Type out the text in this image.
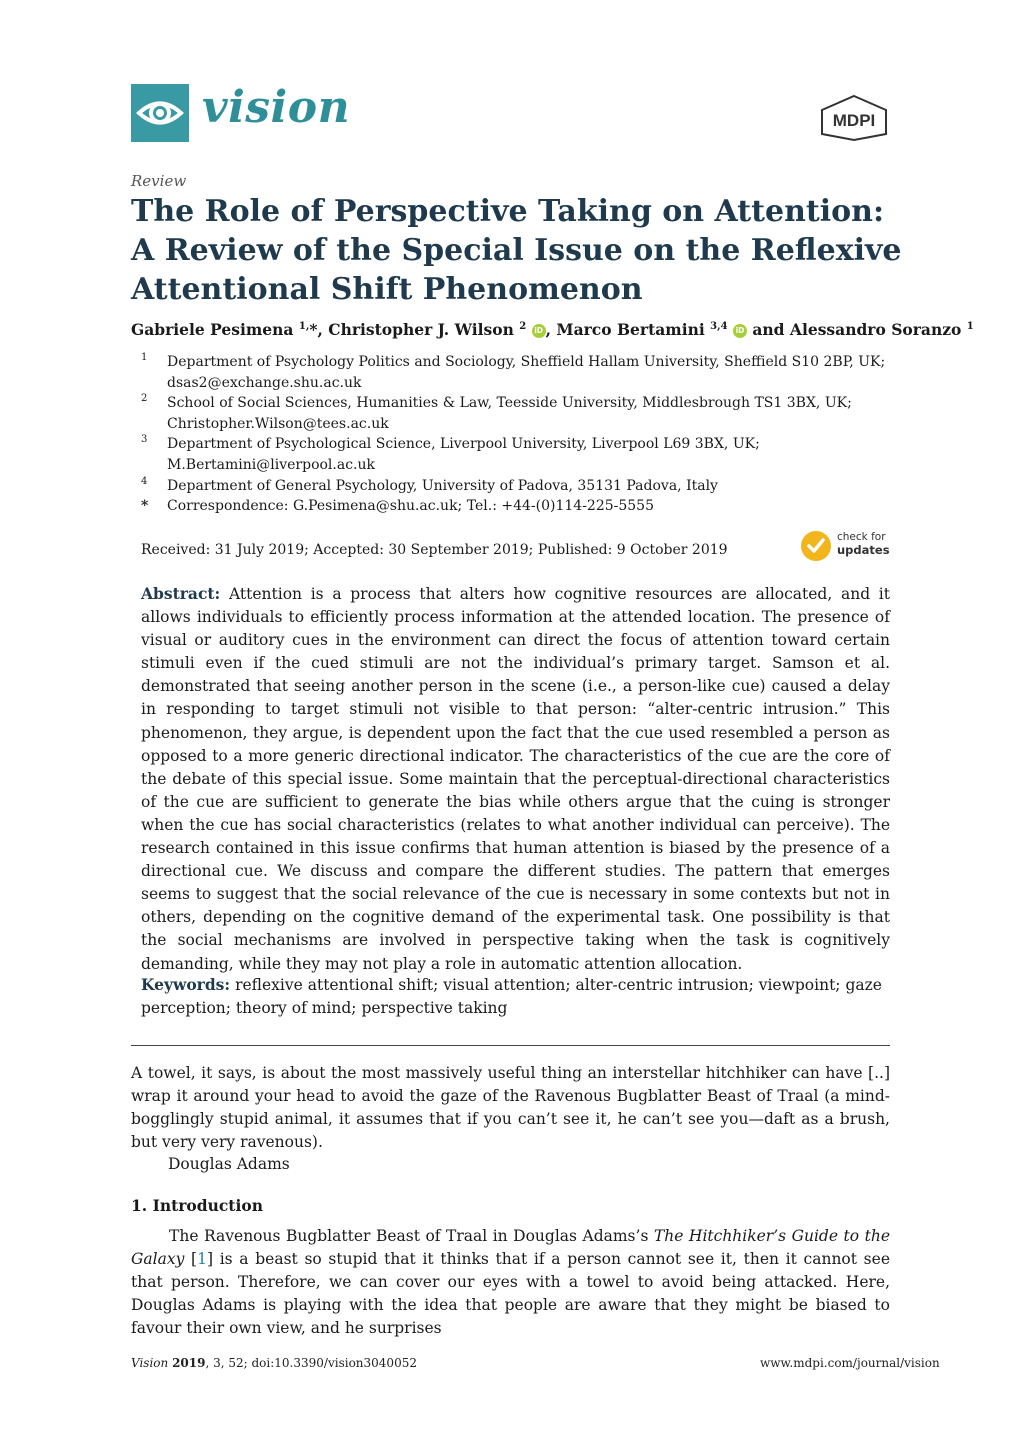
vision	MDPI
Review
The Role of Perspective Taking on Attention:
A Review of the Special Issue on the Reflexive
Attentional Shift Phenomenon
Gabriele Pesimena $^{1,}$*, Christopher J. Wilson $^2$ iD , Marco Bertamini $^{3,4}$ iD and Alessandro Soranzo $^1$
1 Department of Psychology Politics and Sociology, Sheffield Hallam University, Sheffield S10 2BP, UK;
dsas2@exchange.shu.ac.uk
2 School of Social Sciences, Humanities & Law, Teesside University, Middlesbrough TS1 3BX, UK;
Christopher.Wilson@tees.ac.uk
3 Department of Psychological Science, Liverpool University, Liverpool L69 3BX, UK;
M.Bertamini@liverpool.ac.uk
4 Department of General Psychology, University of Padova, 35131 Padova, Italy
* Correspondence: G.Pesimena@shu.ac.uk; Tel.: +44-(0)114-225-5555
Received: 31 July 2019; Accepted: 30 September 2019; Published: 9 October 2019
check for
updates
Abstract: Attention is a process that alters how cognitive resources are allocated, and it allows individuals to efficiently process information at the attended location. The presence of visual or auditory cues in the environment can direct the focus of attention toward certain stimuli even if the cued stimuli are not the individual’s primary target. Samson et al. demonstrated that seeing another person in the scene (i.e., a person-like cue) caused a delay in responding to target stimuli not visible to that person: “alter-centric intrusion.” This phenomenon, they argue, is dependent upon the fact that the cue used resembled a person as opposed to a more generic directional indicator. The characteristics of the cue are the core of the debate of this special issue. Some maintain that the perceptual-directional characteristics of the cue are sufficient to generate the bias while others argue that the cuing is stronger when the cue has social characteristics (relates to what another individual can perceive). The research contained in this issue confirms that human attention is biased by the presence of a directional cue. We discuss and compare the different studies. The pattern that emerges seems to suggest that the social relevance of the cue is necessary in some contexts but not in others, depending on the cognitive demand of the experimental task. One possibility is that the social mechanisms are involved in perspective taking when the task is cognitively demanding, while they may not play a role in automatic attention allocation.
Keywords: reflexive attentional shift; visual attention; alter-centric intrusion; viewpoint; gaze perception; theory of mind; perspective taking
A towel, it says, is about the most massively useful thing an interstellar hitchhiker can have [..] wrap it around your head to avoid the gaze of the Ravenous Bugblatter Beast of Traal (a mind-bogglingly stupid animal, it assumes that if you can’t see it, he can’t see you—daft as a brush, but very very ravenous).
Douglas Adams
1. Introduction
The Ravenous Bugblatter Beast of Traal in Douglas Adams’s The Hitchhiker’s Guide to the Galaxy [1] is a beast so stupid that it thinks that if a person cannot see it, then it cannot see that person. Therefore, we can cover our eyes with a towel to avoid being attacked. Here, Douglas Adams is playing with the idea that people are aware that they might be biased to favour their own view, and he surprises
Vision 2019, 3, 52; doi:10.3390/vision3040052	www.mdpi.com/journal/vision
